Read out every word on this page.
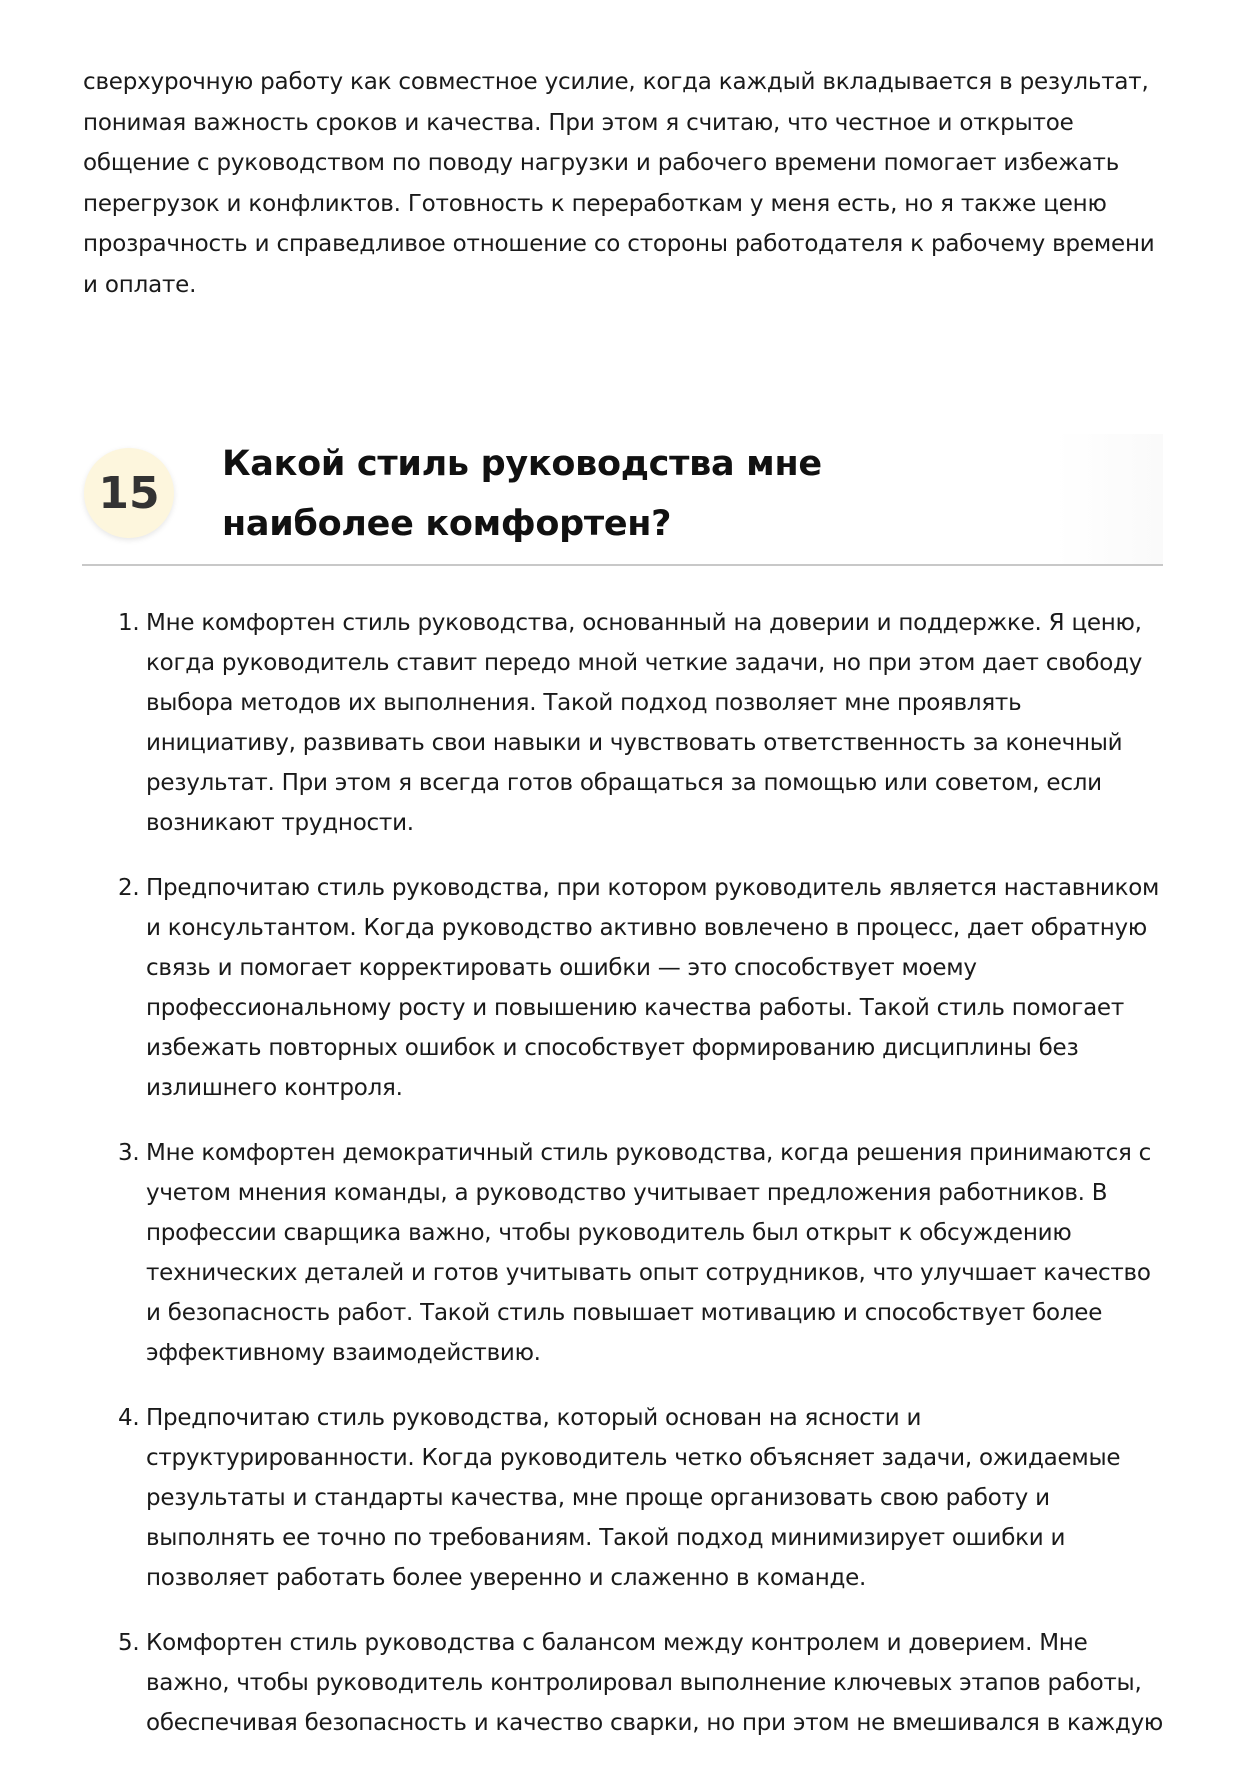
сверхурочную работу как совместное усилие, когда каждый вкладывается в результат, понимая важность сроков и качества. При этом я считаю, что честное и открытое общение с руководством по поводу нагрузки и рабочего времени помогает избежать перегрузок и конфликтов. Готовность к переработкам у меня есть, но я также ценю прозрачность и справедливое отношение со стороны работодателя к рабочему времени и оплате.

15
Какой стиль руководства мне наиболее комфортен?
1. Мне комфортен стиль руководства, основанный на доверии и поддержке. Я ценю, когда руководитель ставит передо мной четкие задачи, но при этом дает свободу выбора методов их выполнения. Такой подход позволяет мне проявлять инициативу, развивать свои навыки и чувствовать ответственность за конечный результат. При этом я всегда готов обращаться за помощью или советом, если возникают трудности.
2. Предпочитаю стиль руководства, при котором руководитель является наставником и консультантом. Когда руководство активно вовлечено в процесс, дает обратную связь и помогает корректировать ошибки — это способствует моему профессиональному росту и повышению качества работы. Такой стиль помогает избежать повторных ошибок и способствует формированию дисциплины без излишнего контроля.
3. Мне комфортен демократичный стиль руководства, когда решения принимаются с учетом мнения команды, а руководство учитывает предложения работников. В профессии сварщика важно, чтобы руководитель был открыт к обсуждению технических деталей и готов учитывать опыт сотрудников, что улучшает качество и безопасность работ. Такой стиль повышает мотивацию и способствует более эффективному взаимодействию.
4. Предпочитаю стиль руководства, который основан на ясности и структурированности. Когда руководитель четко объясняет задачи, ожидаемые результаты и стандарты качества, мне проще организовать свою работу и выполнять ее точно по требованиям. Такой подход минимизирует ошибки и позволяет работать более уверенно и слаженно в команде.
5. Комфортен стиль руководства с балансом между контролем и доверием. Мне важно, чтобы руководитель контролировал выполнение ключевых этапов работы, обеспечивая безопасность и качество сварки, но при этом не вмешивался в каждую
